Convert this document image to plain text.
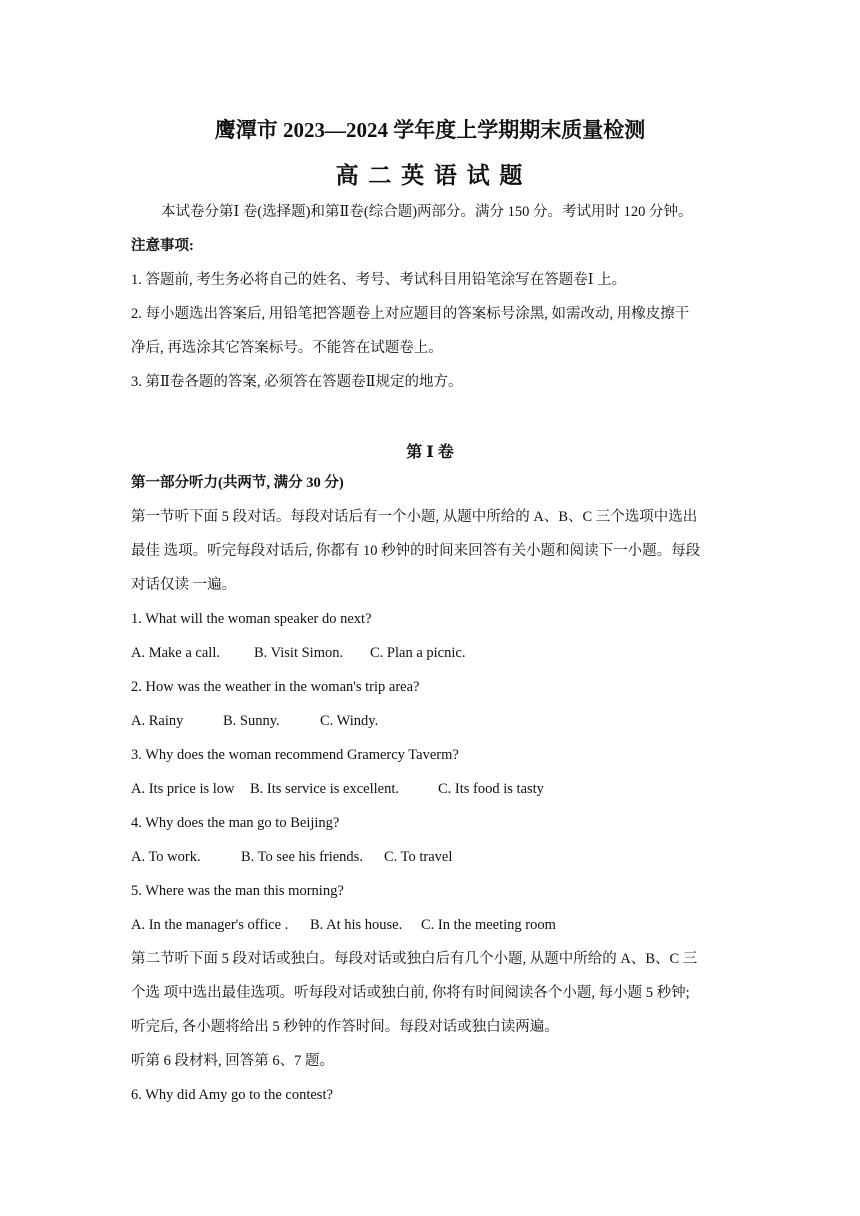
鹰潭市 2023—2024 学年度上学期期末质量检测
高 二 英 语 试 题
本试卷分第Ⅰ 卷(选择题)和第Ⅱ卷(综合题)两部分。满分 150 分。考试用时 120 分钟。
注意事项:
1. 答题前, 考生务必将自己的姓名、考号、考试科目用铅笔涂写在答题卷Ⅰ 上。
2. 每小题选出答案后, 用铅笔把答题卷上对应题目的答案标号涂黑, 如需改动, 用橡皮擦干
净后, 再选涂其它答案标号。不能答在试题卷上。
3. 第Ⅱ卷各题的答案, 必须答在答题卷Ⅱ规定的地方。
第 Ⅰ 卷
第一部分听力(共两节, 满分 30 分)
第一节听下面 5 段对话。每段对话后有一个小题, 从题中所给的 A、B、C 三个选项中选出
最佳 选项。听完每段对话后, 你都有 10 秒钟的时间来回答有关小题和阅读下一小题。每段
对话仅读 一遍。
1. What will the woman speaker do next?
A. Make a call. B. Visit Simon. C. Plan a picnic.
2. How was the weather in the woman's trip area?
A. Rainy	B. Sunny.	C. Windy.
3. Why does the woman recommend Gramercy Taverm?
A. Its price is low B. Its service is excellent.	C. Its food is tasty
4. Why does the man go to Beijing?
A. To work.	B. To see his friends. C. To travel
5. Where was the man this morning?
A. In the manager's office . B. At his house. C. In the meeting room
第二节听下面 5 段对话或独白。每段对话或独白后有几个小题, 从题中所给的 A、B、C 三
个选 项中选出最佳选项。听每段对话或独白前, 你将有时间阅读各个小题, 每小题 5 秒钟;
听完后, 各小题将给出 5 秒钟的作答时间。每段对话或独白读两遍。
听第 6 段材料, 回答第 6、7 题。
6. Why did Amy go to the contest?
